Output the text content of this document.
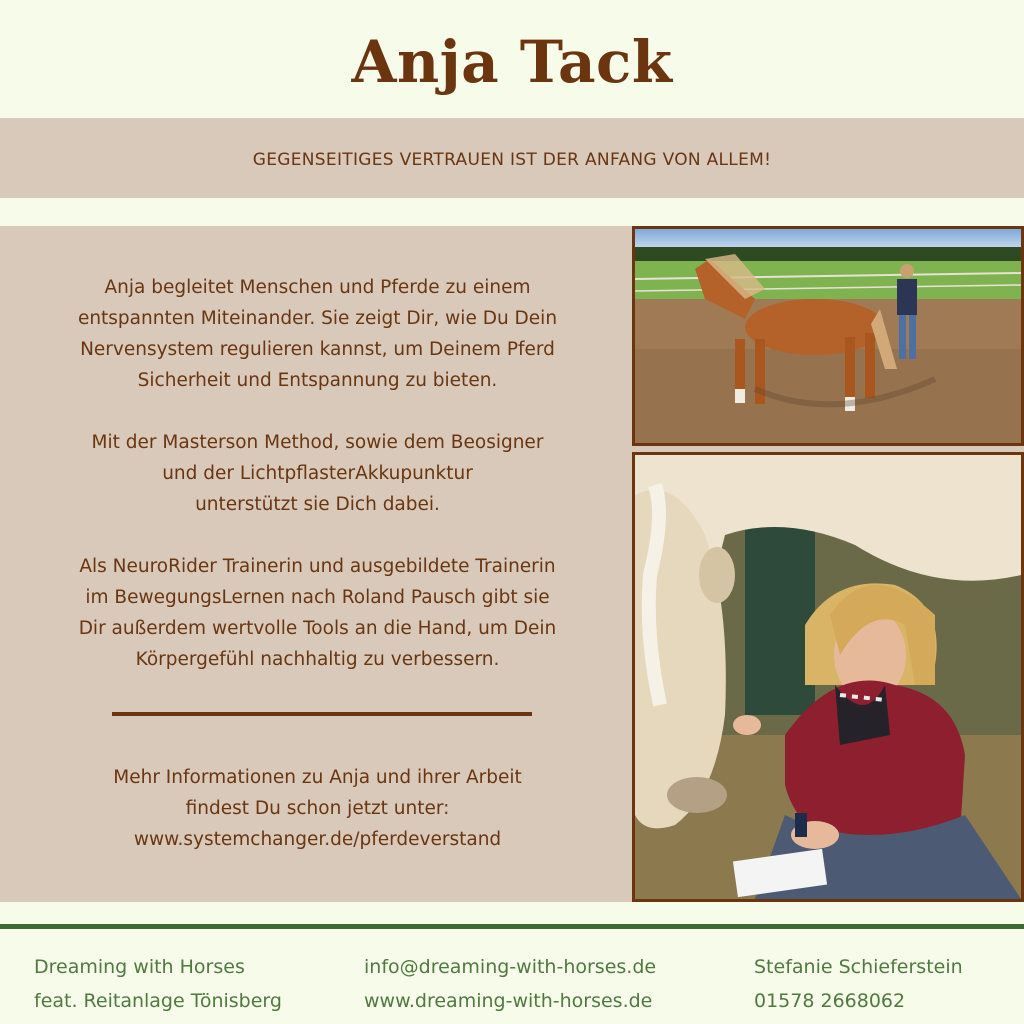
Anja Tack
GEGENSEITIGES VERTRAUEN IST DER ANFANG VON ALLEM!

Anja begleitet Menschen und Pferde zu einem
entspannten Miteinander. Sie zeigt Dir, wie Du Dein
Nervensystem regulieren kannst, um Deinem Pferd
Sicherheit und Entspannung zu bieten.

Mit der Masterson Method, sowie dem Beosigner
und der LichtpflasterAkkupunktur
unterstützt sie Dich dabei.

Als NeuroRider Trainerin und ausgebildete Trainerin
im BewegungsLernen nach Roland Pausch gibt sie
Dir außerdem wertvolle Tools an die Hand, um Dein
Körpergefühl nachhaltig zu verbessern.

Mehr Informationen zu Anja und ihrer Arbeit
findest Du schon jetzt unter:
www.systemchanger.de/pferdeverstand
Dreaming with Horses
feat. Reitanlage Tönisberg
info@dreaming-with-horses.de
www.dreaming-with-horses.de
Stefanie Schieferstein
01578 2668062
